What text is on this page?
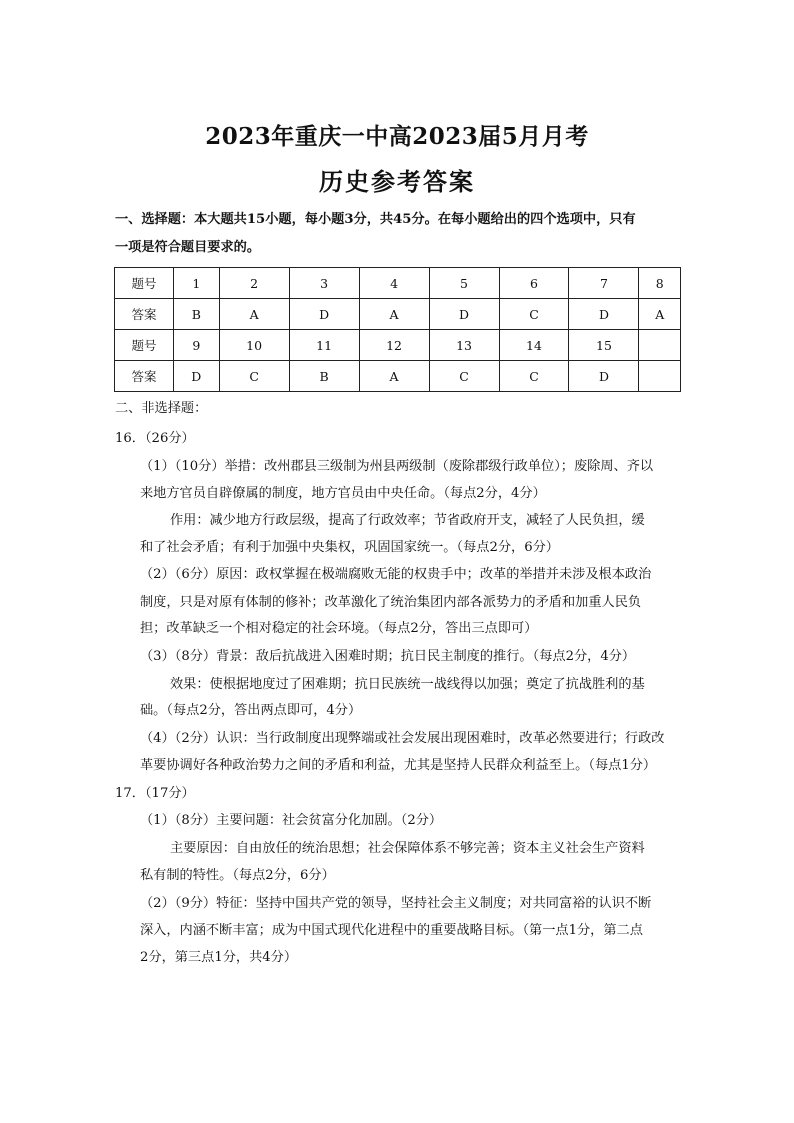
2023年重庆一中高2023届5月月考
历史参考答案
一、选择题：本大题共15小题，每小题3分，共45分。在每小题给出的四个选项中，只有
一项是符合题目要求的。
题号	1	2	3	4	5	6	7	8
答案	B	A	D	A	D	C	D	A
题号	9	10	11	12	13	14	15	
答案	D	C	B	A	C	C	D	
二、非选择题：
16．（26分）
（1）（10分）举措：改州郡县三级制为州县两级制（废除郡级行政单位）；废除周、齐以
来地方官员自辟僚属的制度，地方官员由中央任命。（每点2分，4分）
作用：减少地方行政层级，提高了行政效率；节省政府开支，减轻了人民负担，缓
和了社会矛盾；有利于加强中央集权，巩固国家统一。（每点2分，6分）
（2）（6分）原因：政权掌握在极端腐败无能的权贵手中；改革的举措并未涉及根本政治
制度，只是对原有体制的修补；改革激化了统治集团内部各派势力的矛盾和加重人民负
担；改革缺乏一个相对稳定的社会环境。（每点2分，答出三点即可）
（3）（8分）背景：敌后抗战进入困难时期；抗日民主制度的推行。（每点2分，4分）
效果：使根据地度过了困难期；抗日民族统一战线得以加强；奠定了抗战胜利的基
础。（每点2分，答出两点即可，4分）
（4）（2分）认识：当行政制度出现弊端或社会发展出现困难时，改革必然要进行；行政改
革要协调好各种政治势力之间的矛盾和利益，尤其是坚持人民群众利益至上。（每点1分）
17．（17分）
（1）（8分）主要问题：社会贫富分化加剧。（2分）
主要原因：自由放任的统治思想；社会保障体系不够完善；资本主义社会生产资料
私有制的特性。（每点2分，6分）
（2）（9分）特征：坚持中国共产党的领导，坚持社会主义制度；对共同富裕的认识不断
深入，内涵不断丰富；成为中国式现代化进程中的重要战略目标。（第一点1分，第二点
2分，第三点1分，共4分）
